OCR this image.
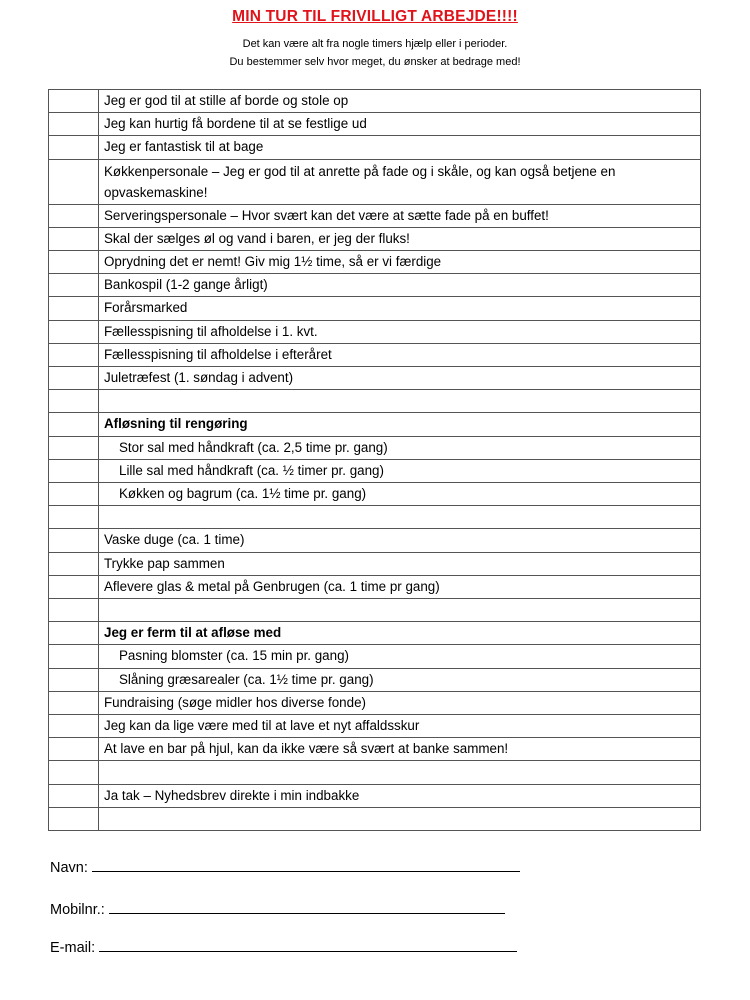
MIN TUR TIL FRIVILLIGT ARBEJDE!!!!
Det kan være alt fra nogle timers hjælp eller i perioder.
Du bestemmer selv hvor meget, du ønsker at bedrage med!
	Jeg er god til at stille af borde og stole op
	Jeg kan hurtig få bordene til at se festlige ud
	Jeg er fantastisk til at bage
	Køkkenpersonale – Jeg er god til at anrette på fade og i skåle, og kan også betjene en opvaskemaskine!
	Serveringspersonale – Hvor svært kan det være at sætte fade på en buffet!
	Skal der sælges øl og vand i baren, er jeg der fluks!
	Oprydning det er nemt! Giv mig 1½ time, så er vi færdige
	Bankospil (1-2 gange årligt)
	Forårsmarked
	Fællesspisning til afholdelse i 1. kvt.
	Fællesspisning til afholdelse i efteråret
	Juletræfest (1. søndag i advent)

	Afløsning til rengøring
	Stor sal med håndkraft (ca. 2,5 time pr. gang)
	Lille sal med håndkraft (ca. ½ timer pr. gang)
	Køkken og bagrum (ca. 1½ time pr. gang)

	Vaske duge (ca. 1 time)
	Trykke pap sammen
	Aflevere glas & metal på Genbrugen (ca. 1 time pr gang)

	Jeg er ferm til at afløse med
	Pasning blomster (ca. 15 min pr. gang)
	Slåning græsarealer (ca. 1½ time pr. gang)
	Fundraising (søge midler hos diverse fonde)
	Jeg kan da lige være med til at lave et nyt affaldsskur
	At lave en bar på hjul, kan da ikke være så svært at banke sammen!

	Ja tak – Nyhedsbrev direkte i min indbakke

Navn:
Mobilnr.:
E-mail:
